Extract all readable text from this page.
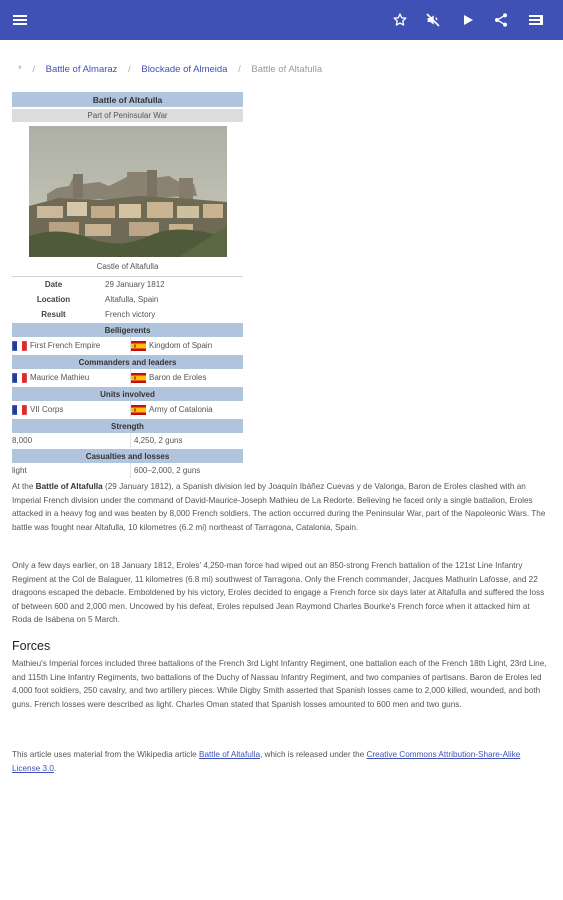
* / Battle of Almaraz / Blockade of Almeida / Battle of Altafulla
Battle of Altafulla
Part of Peninsular War
Castle of Altafulla
Date	29 January 1812
Location	Altafulla, Spain
Result	French victory
Belligerents
First French Empire	Kingdom of Spain
Commanders and leaders
Maurice Mathieu	Baron de Eroles
Units involved
VII Corps	Army of Catalonia
Strength
8,000	4,250, 2 guns
Casualties and losses
light	600–2,000, 2 guns

At the Battle of Altafulla (29 January 1812), a Spanish division led by Joaquín Ibáñez Cuevas y de Valonga, Baron de Eroles clashed with an Imperial French division under the command of David-Maurice-Joseph Mathieu de La Redorte. Believing he faced only a single battalion, Eroles attacked in a heavy fog and was beaten by 8,000 French soldiers. The action occurred during the Peninsular War, part of the Napoleonic Wars. The battle was fought near Altafulla, 10 kilometres (6.2 mi) northeast of Tarragona, Catalonia, Spain.

Only a few days earlier, on 18 January 1812, Eroles' 4,250-man force had wiped out an 850-strong French battalion of the 121st Line Infantry Regiment at the Col de Balaguer, 11 kilometres (6.8 mi) southwest of Tarragona. Only the French commander, Jacques Mathurin Lafosse, and 22 dragoons escaped the debacle. Emboldened by his victory, Eroles decided to engage a French force six days later at Altafulla and suffered the loss of between 600 and 2,000 men. Uncowed by his defeat, Eroles repulsed Jean Raymond Charles Bourke's French force when it attacked him at Roda de Isábena on 5 March.

Forces

Mathieu's Imperial forces included three battalions of the French 3rd Light Infantry Regiment, one battalion each of the French 18th Light, 23rd Line, and 115th Line Infantry Regiments, two battalions of the Duchy of Nassau Infantry Regiment, and two companies of partisans. Baron de Eroles led 4,000 foot soldiers, 250 cavalry, and two artillery pieces. While Digby Smith asserted that Spanish losses came to 2,000 killed, wounded, and both guns. French losses were described as light. Charles Oman stated that Spanish losses amounted to 600 men and two guns.

This article uses material from the Wikipedia article Battle of Altafulla, which is released under the Creative Commons Attribution-Share-Alike License 3.0.
